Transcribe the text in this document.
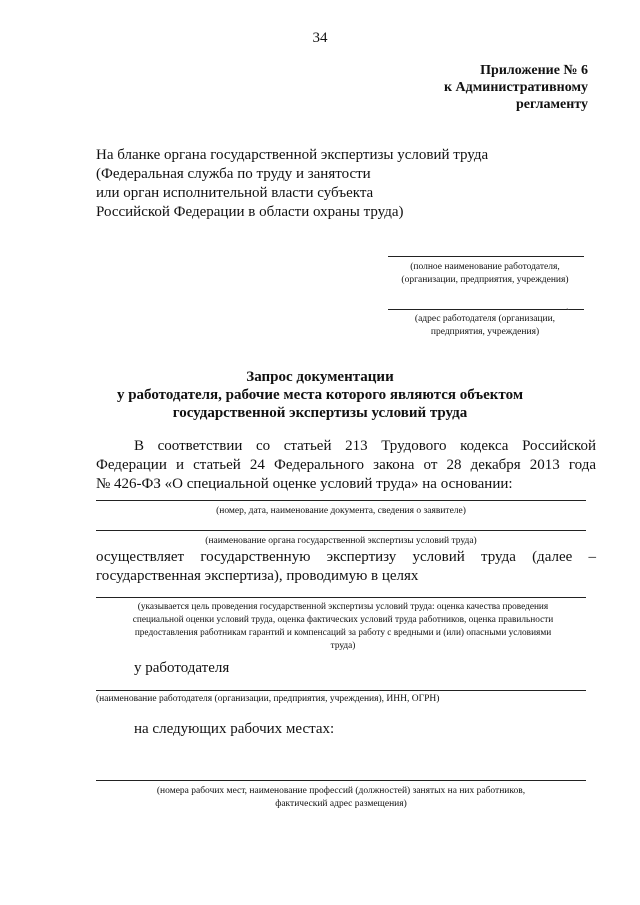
34
Приложение № 6
к Административному
регламенту
На бланке органа государственной экспертизы условий труда
(Федеральная служба по труду и занятости
или орган исполнительной власти субъекта
Российской Федерации в области охраны труда)
(полное наименование работодателя,
(организации, предприятия, учреждения)
(адрес работодателя (организации,
предприятия, учреждения)
`
Запрос документации
у работодателя, рабочие места которого являются объектом
государственной экспертизы условий труда
В соответствии со статьей 213 Трудового кодекса Российской
Федерации и статьей 24 Федерального закона от 28 декабря 2013 года
№ 426-ФЗ «О специальной оценке условий труда» на основании:
(номер, дата, наименование документа, сведения о заявителе)
(наименование органа государственной экспертизы условий труда)
осуществляет государственную экспертизу условий труда (далее –
государственная экспертиза), проводимую в целях
(указывается цель проведения государственной экспертизы условий труда: оценка качества проведения
специальной оценки условий труда, оценка фактических условий труда работников, оценка правильности
предоставления работникам гарантий и компенсаций за работу с вредными и (или) опасными условиями
труда)
у работодателя
(наименование работодателя (организации, предприятия, учреждения), ИНН, ОГРН)
на следующих рабочих местах:
(номера рабочих мест, наименование профессий (должностей) занятых на них работников,
фактический адрес размещения)
